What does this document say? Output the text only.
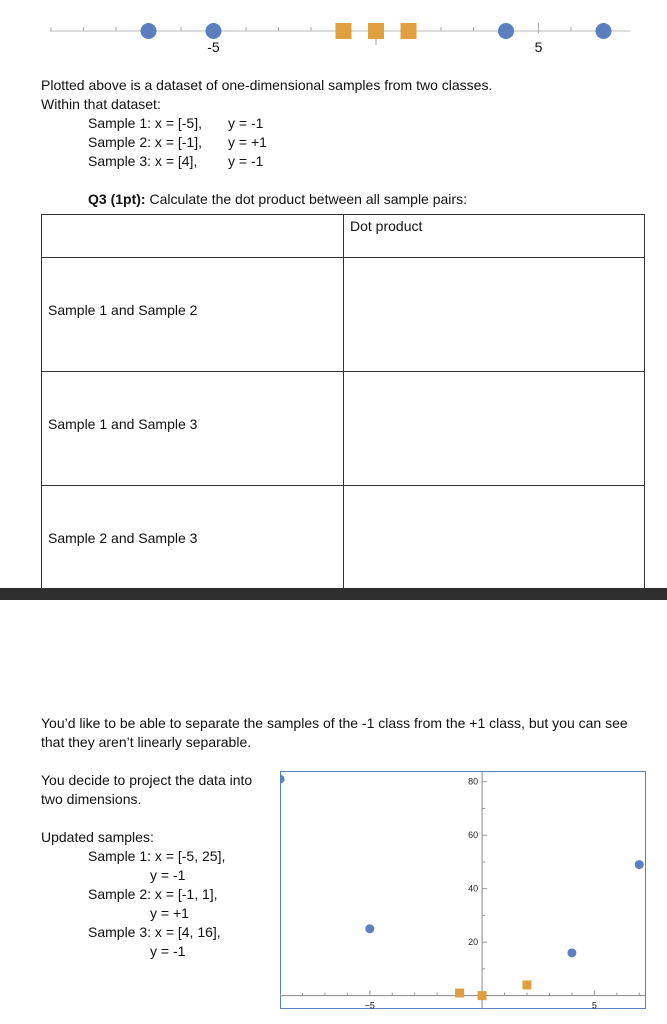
-5	5
Plotted above is a dataset of one-dimensional samples from two classes.
Within that dataset:
Sample 1: x = [-5], y = -1
Sample 2: x = [-1], y = +1
Sample 3: x = [4], y = -1
Q3 (1pt): Calculate the dot product between all sample pairs:
	Dot product
Sample 1 and Sample 2	
Sample 1 and Sample 3	
Sample 2 and Sample 3	
You’d like to be able to separate the samples of the -1 class from the +1 class, but you can see
that they aren’t linearly separable.
You decide to project the data into
two dimensions.
Updated samples:
Sample 1: x = [-5, 25],
y = -1
Sample 2: x = [-1, 1],
y = +1
Sample 3: x = [4, 16],
y = -1
−5	5
20
40
60
80
